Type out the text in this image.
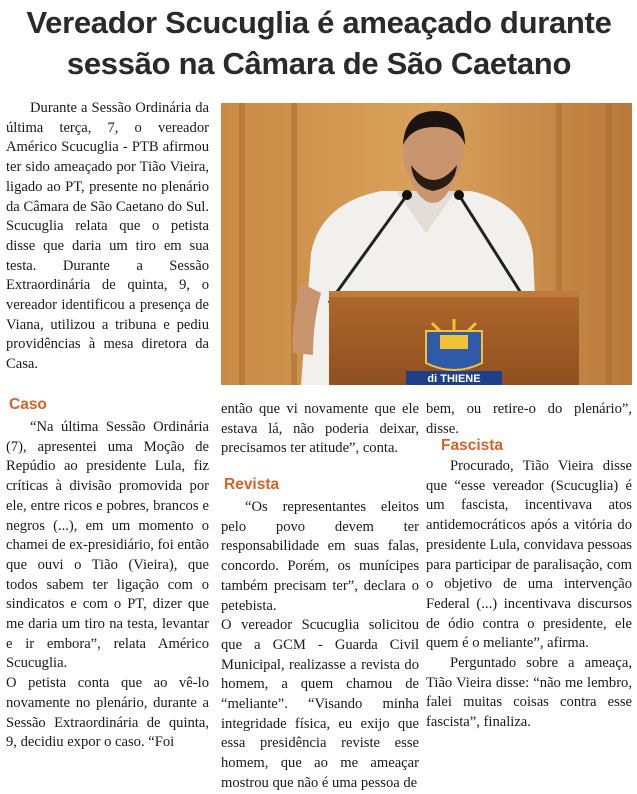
Vereador Scucuglia é ameaçado durante
sessão na Câmara de São Caetano

Durante a Sessão Ordinária da última terça, 7, o vereador Américo Scucuglia - PTB afirmou ter sido ameaçado por Tião Vieira, ligado ao PT, presente no plenário da Câmara de São Caetano do Sul. Scucuglia relata que o petista disse que daria um tiro em sua testa. Durante a Sessão Extraordinária de quinta, 9, o vereador identificou a presença de Viana, utilizou a tribuna e pediu providências à mesa diretora da Casa.

Caso

“Na última Sessão Ordinária (7), apresentei uma Moção de Repúdio ao presidente Lula, fiz críticas à divisão promovida por ele, entre ricos e pobres, brancos e negros (...), em um momento o chamei de ex-presidiário, foi então que ouvi o Tião (Vieira), que todos sabem ter ligação com o sindicatos e com o PT, dizer que me daria um tiro na testa, levantar e ir embora”, relata Américo Scucuglia.

O petista conta que ao vê-lo novamente no plenário, durante a Sessão Extraordinária de quinta, 9, decidiu expor o caso. “Foi

di THIENE

então que vi novamente que ele estava lá, não poderia deixar, precisamos ter atitude”, conta.

Revista

“Os representantes eleitos pelo povo devem ter responsabilidade em suas falas, concordo. Porém, os munícipes também precisam ter”, declara o petebista.

O vereador Scucuglia solicitou que a GCM - Guarda Civil Municipal, realizasse a revista do homem, a quem chamou de “meliante”. “Visando minha integridade física, eu exijo que essa presidência reviste esse homem, que ao me ameaçar mostrou que não é uma pessoa de

bem, ou retire-o do plenário”, disse.

Fascista

Procurado, Tião Vieira disse que “esse vereador (Scucuglia) é um fascista, incentivava atos antidemocráticos após a vitória do presidente Lula, convidava pessoas para participar de paralisação, com o objetivo de uma intervenção Federal (...) incentivava discursos de ódio contra o presidente, ele quem é o meliante”, afirma.

Perguntado sobre a ameaça, Tião Vieira disse: “não me lembro, falei muitas coisas contra esse fascista”, finaliza.
